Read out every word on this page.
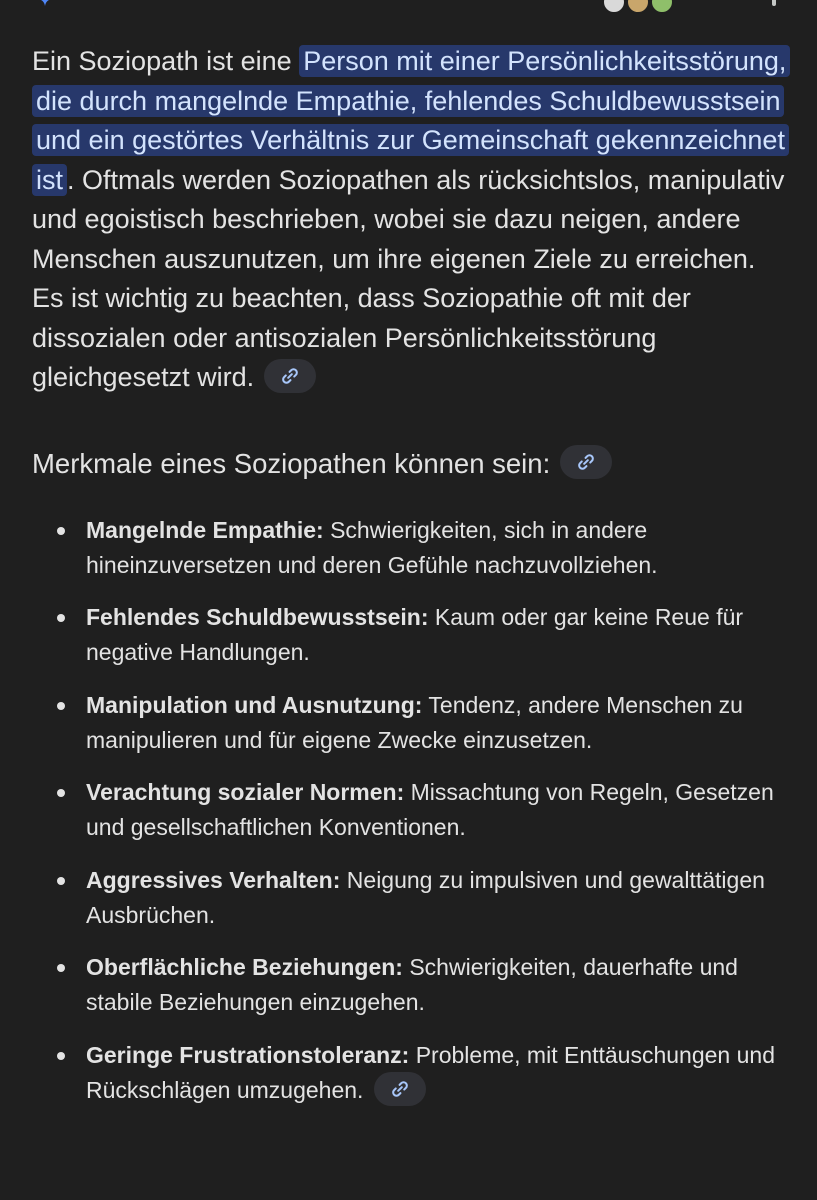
Ein Soziopath ist eine Person mit einer Persönlichkeitsstörung, die durch mangelnde Empathie, fehlendes Schuldbewusstsein und ein gestörtes Verhältnis zur Gemeinschaft gekennzeichnet ist . Oftmals werden Soziopathen als rücksichtslos, manipulativ und egoistisch beschrieben, wobei sie dazu neigen, andere Menschen auszunutzen, um ihre eigenen Ziele zu erreichen. Es ist wichtig zu beachten, dass Soziopathie oft mit der dissozialen oder antisozialen Persönlichkeitsstörung gleichgesetzt wird.

Merkmale eines Soziopathen können sein:
Mangelnde Empathie: Schwierigkeiten, sich in andere hineinzuversetzen und deren Gefühle nachzuvollziehen.
Fehlendes Schuldbewusstsein: Kaum oder gar keine Reue für negative Handlungen.
Manipulation und Ausnutzung: Tendenz, andere Menschen zu manipulieren und für eigene Zwecke einzusetzen.
Verachtung sozialer Normen: Missachtung von Regeln, Gesetzen und gesellschaftlichen Konventionen.
Aggressives Verhalten: Neigung zu impulsiven und gewalttätigen Ausbrüchen.
Oberflächliche Beziehungen: Schwierigkeiten, dauerhafte und stabile Beziehungen einzugehen.
Geringe Frustrationstoleranz: Probleme, mit Enttäuschungen und Rückschlägen umzugehen.
